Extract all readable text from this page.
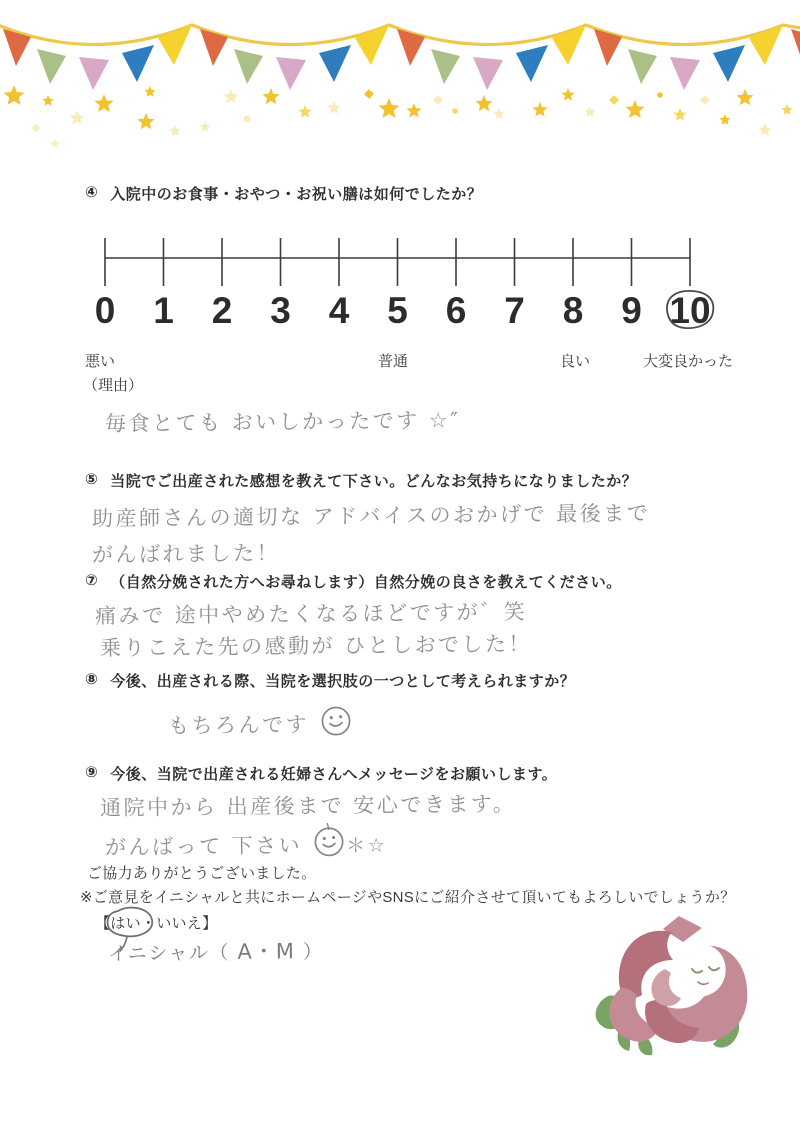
④ 入院中のお食事・おやつ・お祝い膳は如何でしたか？
0 1 2 3 4 5 6 7 8 9 10
悪い	普通	良い	大変良かった
（理由）
毎食とても おいしかったです ☆″
⑤ 当院でご出産された感想を教えて下さい。どんなお気持ちになりましたか？
助産師さんの適切な アドバイスのおかげで 最後まで
がんばれました！
⑦ （自然分娩された方へお尋ねします）自然分娩の良さを教えてください。
痛みで 途中やめたくなるほどですが゛笑
乗りこえた先の感動が ひとしおでした！
⑧ 今後、出産される際、当院を選択肢の一つとして考えられますか？
もちろんです
⑨ 今後、当院で出産される妊婦さんへメッセージをお願いします。
通院中から 出産後まで 安心できます。
がんばって 下さい ＊☆
ご協力ありがとうございました。
※ご意見をイニシャルと共にホームページやSNSにご紹介させて頂いてもよろしいでしょうか？
【はい・いいえ】
イニシャル（ A・M ）
